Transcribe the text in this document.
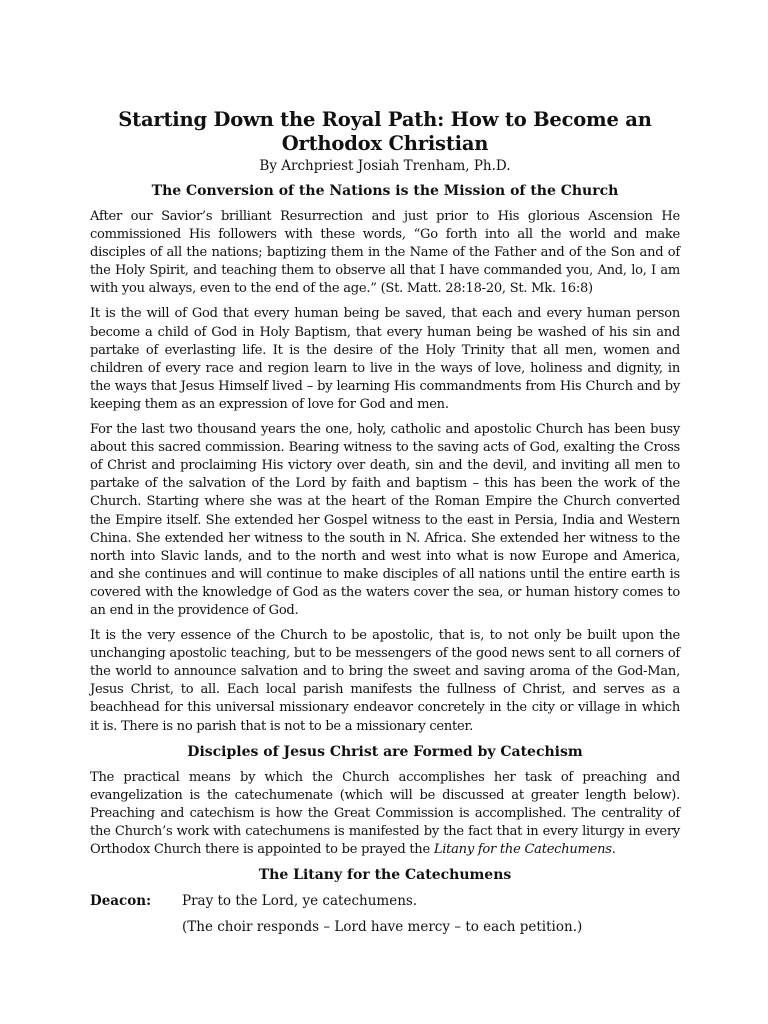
Starting Down the Royal Path: How to Become an
Orthodox Christian
By Archpriest Josiah Trenham, Ph.D.
The Conversion of the Nations is the Mission of the Church

After our Savior’s brilliant Resurrection and just prior to His glorious Ascension He commissioned His followers with these words, “Go forth into all the world and make disciples of all the nations; baptizing them in the Name of the Father and of the Son and of the Holy Spirit, and teaching them to observe all that I have commanded you, And, lo, I am with you always, even to the end of the age.” (St. Matt. 28:18-20, St. Mk. 16:8)

It is the will of God that every human being be saved, that each and every human person become a child of God in Holy Baptism, that every human being be washed of his sin and partake of everlasting life. It is the desire of the Holy Trinity that all men, women and children of every race and region learn to live in the ways of love, holiness and dignity, in the ways that Jesus Himself lived – by learning His commandments from His Church and by keeping them as an expression of love for God and men.

For the last two thousand years the one, holy, catholic and apostolic Church has been busy about this sacred commission. Bearing witness to the saving acts of God, exalting the Cross of Christ and proclaiming His victory over death, sin and the devil, and inviting all men to partake of the salvation of the Lord by faith and baptism – this has been the work of the Church. Starting where she was at the heart of the Roman Empire the Church converted the Empire itself. She extended her Gospel witness to the east in Persia, India and Western China. She extended her witness to the south in N. Africa. She extended her witness to the north into Slavic lands, and to the north and west into what is now Europe and America, and she continues and will continue to make disciples of all nations until the entire earth is covered with the knowledge of God as the waters cover the sea, or human history comes to an end in the providence of God.

It is the very essence of the Church to be apostolic, that is, to not only be built upon the unchanging apostolic teaching, but to be messengers of the good news sent to all corners of the world to announce salvation and to bring the sweet and saving aroma of the God-Man, Jesus Christ, to all. Each local parish manifests the fullness of Christ, and serves as a beachhead for this universal missionary endeavor concretely in the city or village in which it is. There is no parish that is not to be a missionary center.

Disciples of Jesus Christ are Formed by Catechism

The practical means by which the Church accomplishes her task of preaching and evangelization is the catechumenate (which will be discussed at greater length below). Preaching and catechism is how the Great Commission is accomplished. The centrality of the Church’s work with catechumens is manifested by the fact that in every liturgy in every Orthodox Church there is appointed to be prayed the Litany for the Catechumens.

The Litany for the Catechumens
Deacon:	Pray to the Lord, ye catechumens.
(The choir responds – Lord have mercy – to each petition.)
